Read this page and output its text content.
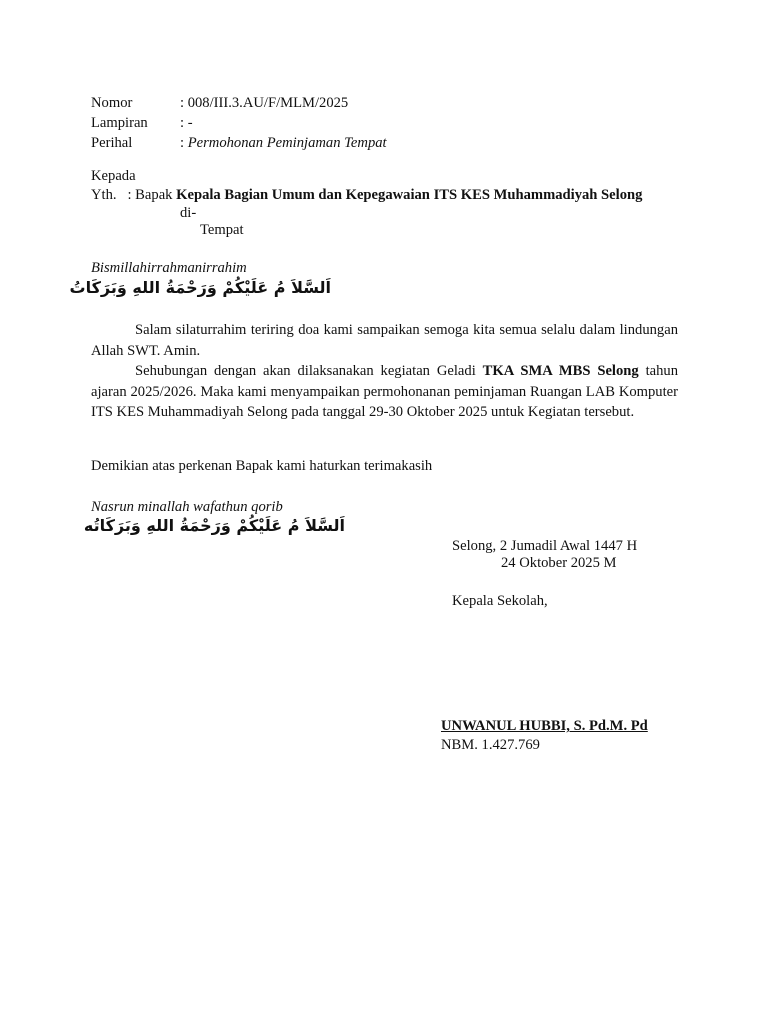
Nomor	: 008/III.3.AU/F/MLM/2025
Lampiran : -
Perihal	: Permohonan Peminjaman Tempat
Kepada
Yth.   : Bapak Kepala Bagian Umum dan Kepegawaian ITS KES Muhammadiyah Selong
di-
Tempat
Bismillahirrahmanirrahim
اَلسَّلاَ مُ عَلَيْكُمْ وَرَحْمَةُ اللهِ وَبَرَكَاتُ

Salam silaturrahim teriring doa kami sampaikan semoga kita semua selalu dalam lindungan Allah SWT. Amin.

Sehubungan dengan akan dilaksanakan kegiatan Geladi TKA SMA MBS Selong tahun ajaran 2025/2026. Maka kami menyampaikan permohonanan peminjaman Ruangan LAB Komputer ITS KES Muhammadiyah Selong pada tanggal 29-30 Oktober 2025 untuk Kegiatan tersebut.

Demikian atas perkenan Bapak kami haturkan terimakasih
Nasrun minallah wafathun qorib
اَلسَّلاَ مُ عَلَيْكُمْ وَرَحْمَةُ اللهِ وَبَرَكَاتُه
Selong, 2 Jumadil Awal 1447 H
24 Oktober 2025 M
Kepala Sekolah,
UNWANUL HUBBI, S. Pd.M. Pd
NBM. 1.427.769
